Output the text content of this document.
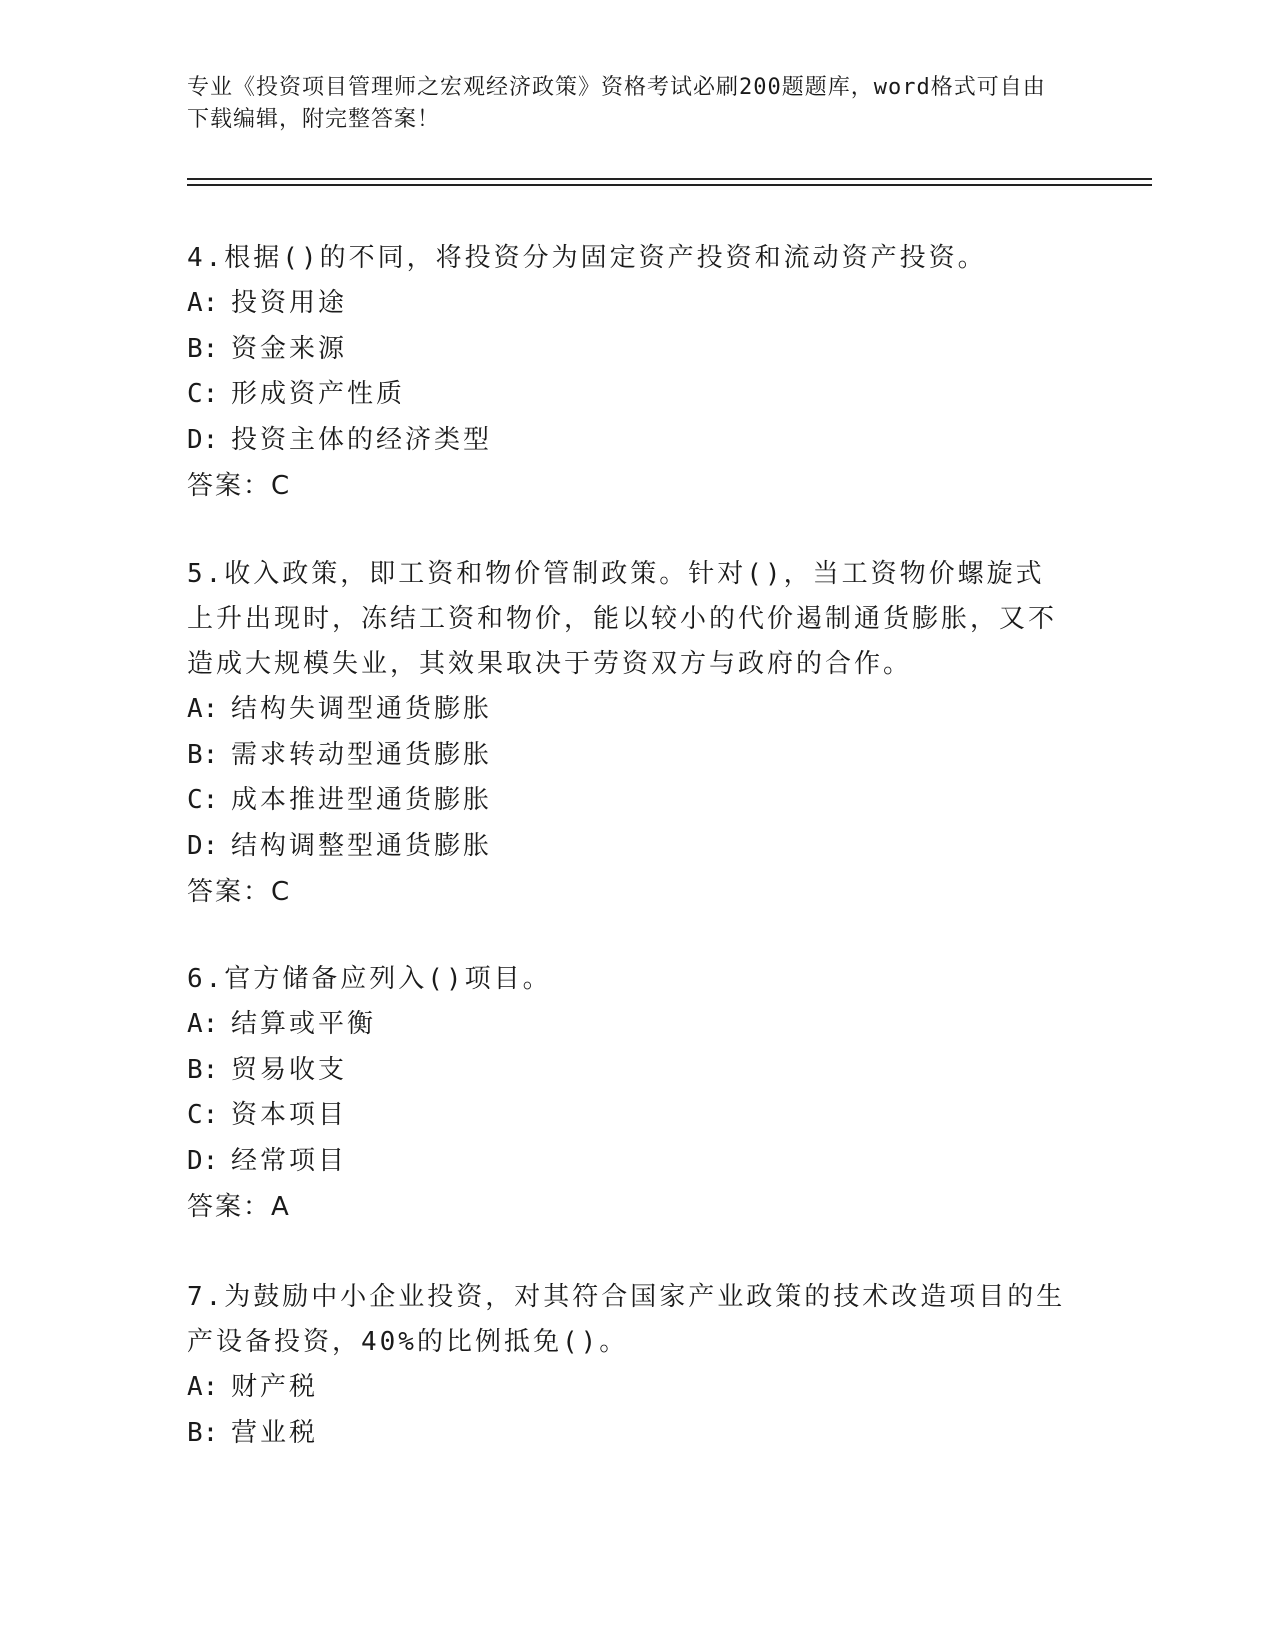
专业《投资项目管理师之宏观经济政策》资格考试必刷200题题库，word格式可自由下载编辑，附完整答案！

4.根据()的不同，将投资分为固定资产投资和流动资产投资。

A: 投资用途

B: 资金来源

C: 形成资产性质

D: 投资主体的经济类型

答案：C

5.收入政策，即工资和物价管制政策。针对()，当工资物价螺旋式上升出现时，冻结工资和物价，能以较小的代价遏制通货膨胀，又不造成大规模失业，其效果取决于劳资双方与政府的合作。

A: 结构失调型通货膨胀

B: 需求转动型通货膨胀

C: 成本推进型通货膨胀

D: 结构调整型通货膨胀

答案：C

6.官方储备应列入()项目。

A: 结算或平衡

B: 贸易收支

C: 资本项目

D: 经常项目

答案：A

7.为鼓励中小企业投资，对其符合国家产业政策的技术改造项目的生产设备投资，40%的比例抵免()。

A: 财产税

B: 营业税
